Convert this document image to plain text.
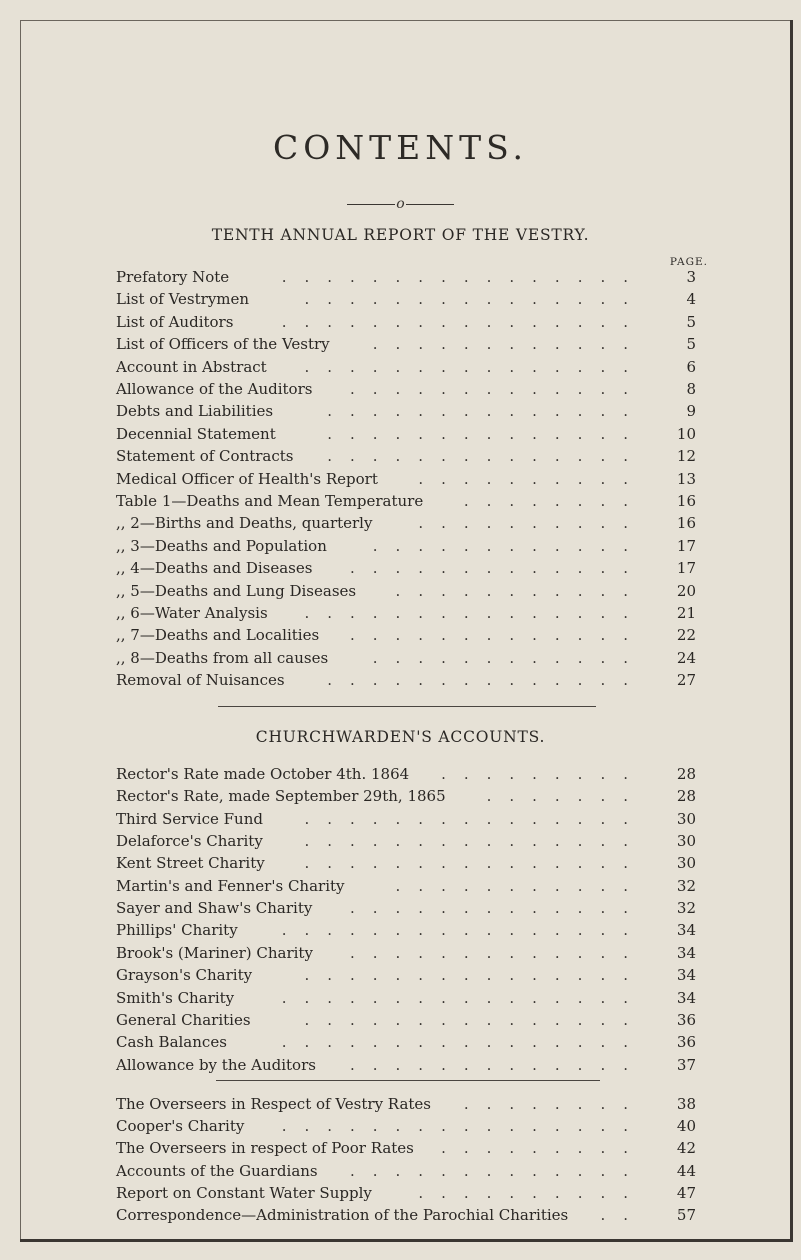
CONTENTS.
o
TENTH ANNUAL REPORT OF THE VESTRY.
PAGE.
Prefatory Note	................	3
List of Vestrymen	...............	4
List of Auditors	................	5
List of Officers of the Vestry	............	5
Account in Abstract	...............	6
Allowance of the Auditors	.............	8
Debts and Liabilities	..............	9
Decennial Statement	.............. 10
Statement of Contracts .............. 12
Medical Officer of Health's Report	.......... 13
Table 1—Deaths and Mean Temperature	........ 16
,, 2—Births and Deaths, quarterly	.......... 16
,, 3—Deaths and Population	............ 17
,, 4—Deaths and Diseases	............. 17
,, 5—Deaths and Lung Diseases	........... 20
,, 6—Water Analysis ............... 21
,, 7—Deaths and Localities ............. 22
,, 8—Deaths from all causes	............ 24
Removal of Nuisances	.............. 27
CHURCHWARDEN'S ACCOUNTS.
Rector's Rate made October 4th. 1864 ......... 28
Rector's Rate, made September 29th, 1865	....... 28
Third Service Fund	............... 30
Delaforce's Charity	............... 30
Kent Street Charity	............... 30
Martin's and Fenner's Charity	........... 32
Sayer and Shaw's Charity	............. 32
Phillips' Charity	................ 34
Brook's (Mariner) Charity ............. 34
Grayson's Charity	............... 34
Smith's Charity	................ 34
General Charities	............... 36
Cash Balances	................ 36
Allowance by the Auditors ............. 37
The Overseers in Respect of Vestry Rates ........ 38
Cooper's Charity ................ 40
The Overseers in respect of Poor Rates ......... 42
Accounts of the Guardians ............. 44
Report on Constant Water Supply	.......... 47
Correspondence—Administration of the Parochial Charities .. 57
